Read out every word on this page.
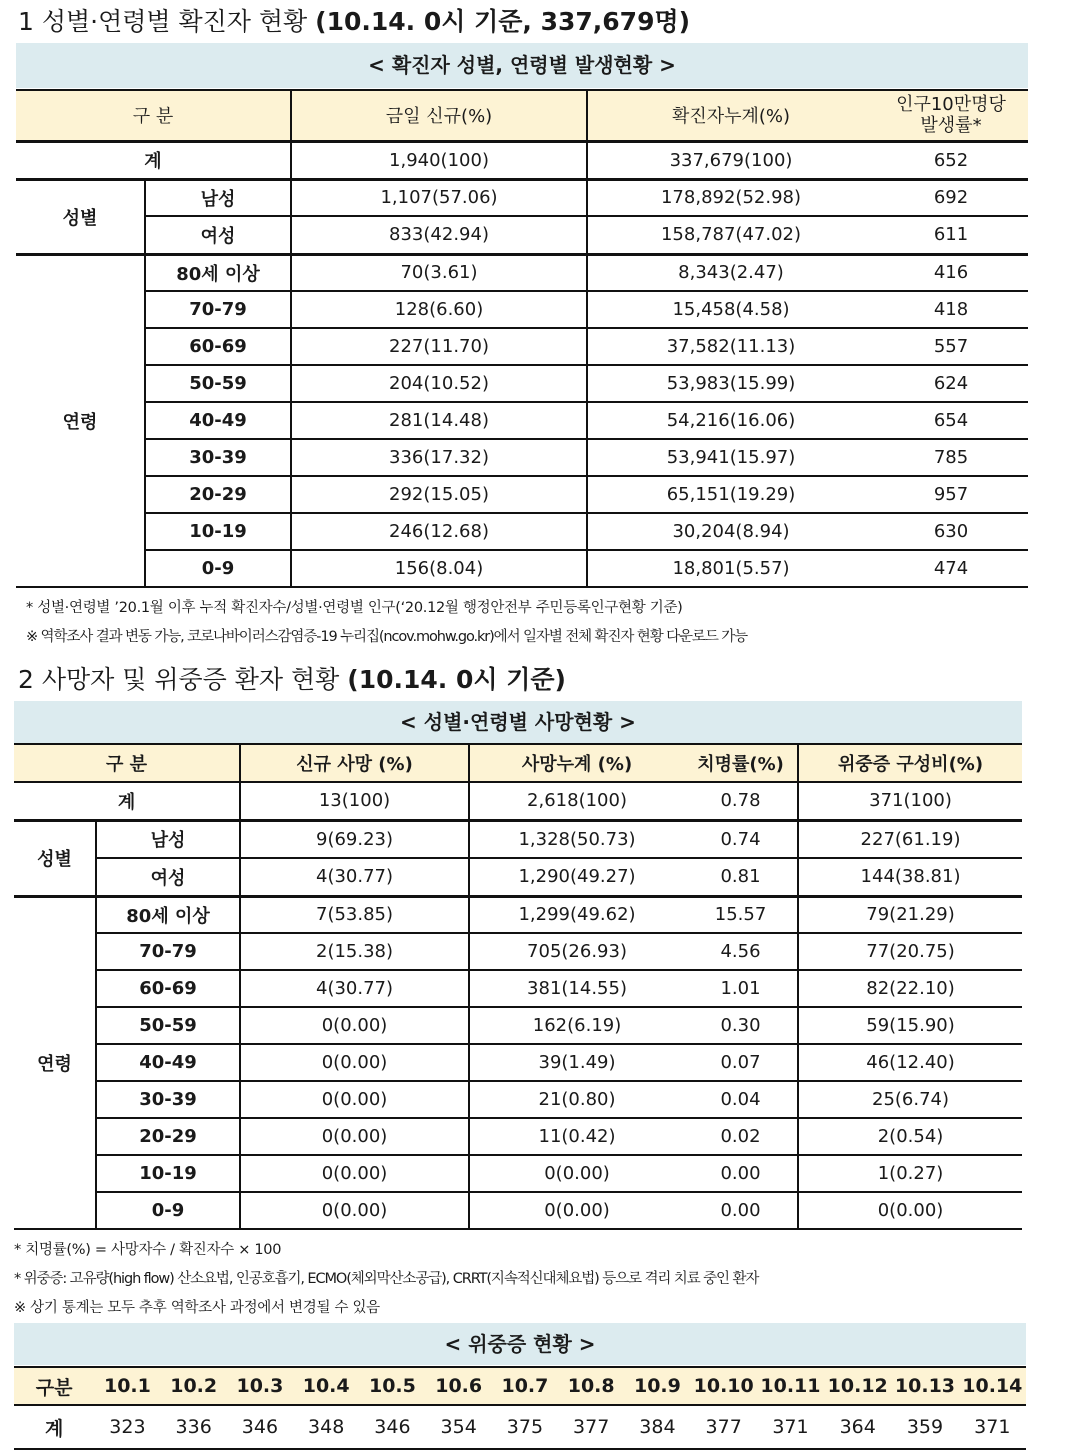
1 성별·연령별 확진자 현황 (10.14. 0시 기준, 337,679명)
< 확진자 성별, 연령별 발생현황 >
구 분		금일 신규(%)	확진자누계(%)	인구10만명당
발생률*

계		1,940(100)	337,679(100)	652
성별	남성	1,107(57.06)	178,892(52.98)	692
	여성	833(42.94)	158,787(47.02)	611
연령	80세 이상	70(3.61)	8,343(2.47)	416
	70-79	128(6.60)	15,458(4.58)	418
	60-69	227(11.70)	37,582(11.13)	557
	50-59	204(10.52)	53,983(15.99)	624
	40-49	281(14.48)	54,216(16.06)	654
	30-39	336(17.32)	53,941(15.97)	785
	20-29	292(15.05)	65,151(19.29)	957
	10-19	246(12.68)	30,204(8.94)	630
	0-9	156(8.04)	18,801(5.57)	474
* 성별·연령별 ’20.1월 이후 누적 확진자수/성별·연령별 인구(‘20.12월 행정안전부 주민등록인구현황 기준)
※ 역학조사 결과 변동 가능, 코로나바이러스감염증-19 누리집(ncov.mohw.go.kr)에서 일자별 전체 확진자 현황 다운로드 가능
2 사망자 및 위중증 환자 현황 (10.14. 0시 기준)
< 성별·연령별 사망현황 >
구 분		신규 사망 (%)	사망누계 (%)	치명률(%)	위중증 구성비(%)
계		13(100)	2,618(100)	0.78	371(100)
성별	남성	9(69.23)	1,328(50.73)	0.74	227(61.19)
	여성	4(30.77)	1,290(49.27)	0.81	144(38.81)
연령	80세 이상	7(53.85)	1,299(49.62)	15.57	79(21.29)
	70-79	2(15.38)	705(26.93)	4.56	77(20.75)
	60-69	4(30.77)	381(14.55)	1.01	82(22.10)
	50-59	0(0.00)	162(6.19)	0.30	59(15.90)
	40-49	0(0.00)	39(1.49)	0.07	46(12.40)
	30-39	0(0.00)	21(0.80)	0.04	25(6.74)
	20-29	0(0.00)	11(0.42)	0.02	2(0.54)
	10-19	0(0.00)	0(0.00)	0.00	1(0.27)
	0-9	0(0.00)	0(0.00)	0.00	0(0.00)
* 치명률(%) = 사망자수 / 확진자수 × 100
* 위중증: 고유량(high flow) 산소요법, 인공호흡기, ECMO(체외막산소공급), CRRT(지속적신대체요법) 등으로 격리 치료 중인 환자
※ 상기 통계는 모두 추후 역학조사 과정에서 변경될 수 있음
< 위중증 현황 >
구분	10.1	10.2	10.3	10.4	10.5	10.6	10.7	10.8	10.9	10.10	10.11	10.12	10.13	10.14
계	323	336	346	348	346	354	375	377	384	377	371	364	359	371
